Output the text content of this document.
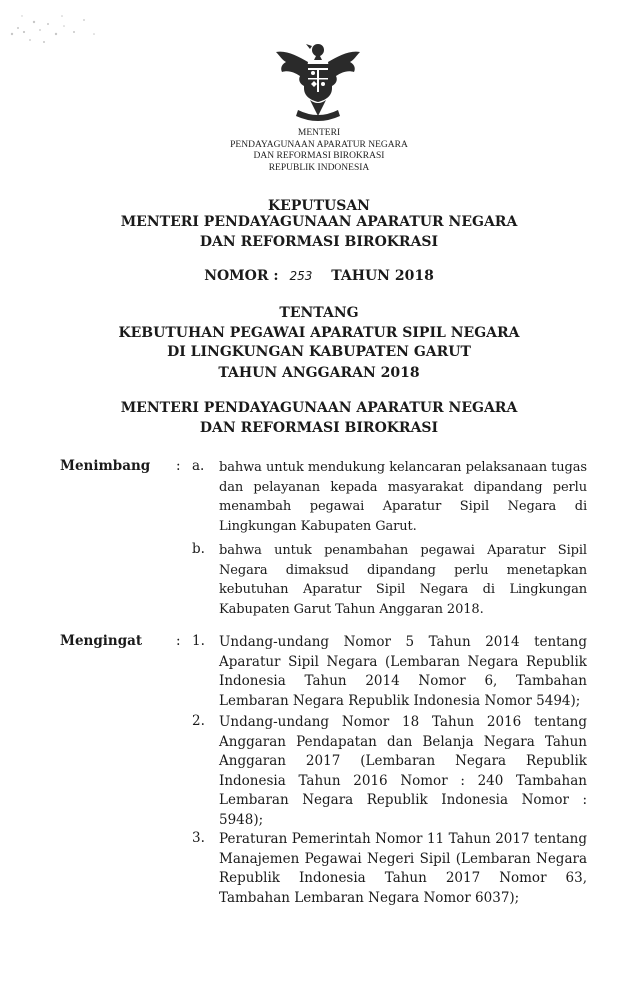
MENTERI
PENDAYAGUNAAN APARATUR NEGARA
DAN REFORMASI BIROKRASI
REPUBLIK INDONESIA
KEPUTUSAN
MENTERI PENDAYAGUNAAN APARATUR NEGARA
DAN REFORMASI BIROKRASI
NOMOR : 253 TAHUN 2018
TENTANG
KEBUTUHAN PEGAWAI APARATUR SIPIL NEGARA
DI LINGKUNGAN KABUPATEN GARUT
TAHUN ANGGARAN 2018
MENTERI PENDAYAGUNAAN APARATUR NEGARA
DAN REFORMASI BIROKRASI
Menimbang : a.	bahwa untuk mendukung kelancaran pelaksanaan tugas dan pelayanan kepada masyarakat dipandang perlu menambah pegawai Aparatur Sipil Negara di Lingkungan Kabupaten Garut.
b.	bahwa untuk penambahan pegawai Aparatur Sipil Negara dimaksud dipandang perlu menetapkan kebutuhan Aparatur Sipil Negara di Lingkungan Kabupaten Garut Tahun Anggaran 2018.
Mengingat	: 1.	Undang-undang Nomor 5 Tahun 2014 tentang Aparatur Sipil Negara (Lembaran Negara Republik Indonesia Tahun 2014 Nomor 6, Tambahan Lembaran Negara Republik Indonesia Nomor 5494);
2.	Undang-undang Nomor 18 Tahun 2016 tentang Anggaran Pendapatan dan Belanja Negara Tahun Anggaran 2017 (Lembaran Negara Republik Indonesia Tahun 2016 Nomor : 240 Tambahan Lembaran Negara Republik Indonesia Nomor : 5948);
3.	Peraturan Pemerintah Nomor 11 Tahun 2017 tentang Manajemen Pegawai Negeri Sipil (Lembaran Negara Republik Indonesia Tahun 2017 Nomor 63, Tambahan Lembaran Negara Nomor 6037);
